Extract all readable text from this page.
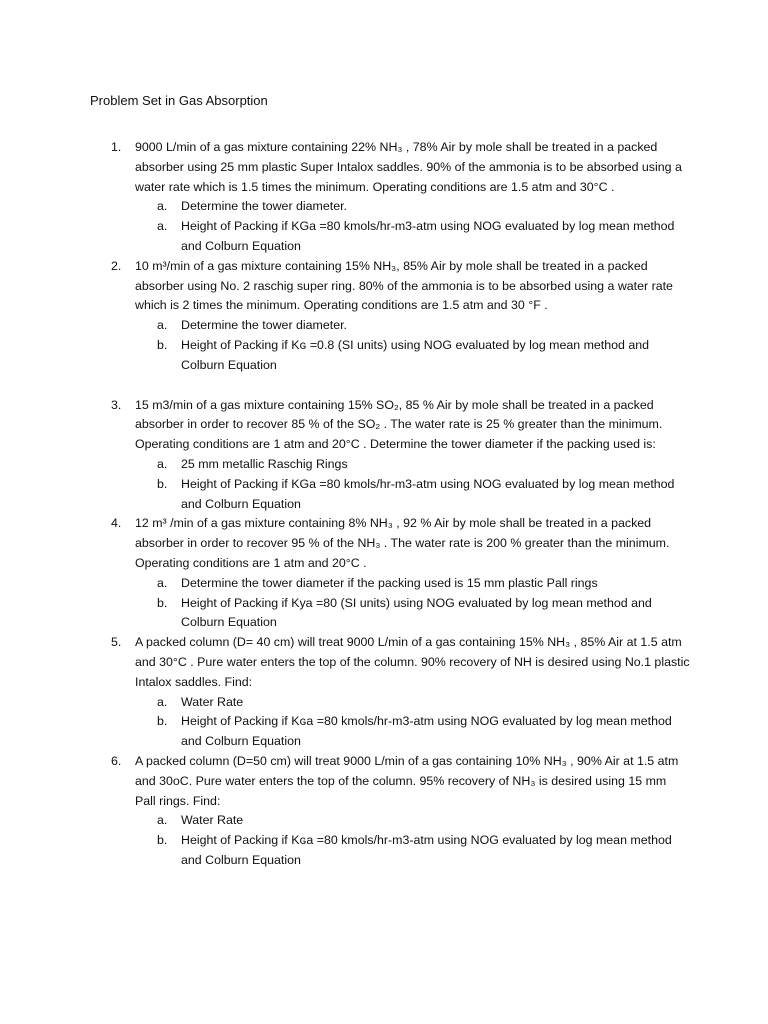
Problem Set in Gas Absorption
1. 9000 L/min of a gas mixture containing 22% NH₃ , 78% Air by mole shall be treated in a packed absorber using 25 mm plastic Super Intalox saddles. 90% of the ammonia is to be absorbed using a water rate which is 1.5 times the minimum. Operating conditions are 1.5 atm and 30°C .
a. Determine the tower diameter.
a. Height of Packing if KGa =80 kmols/hr-m3-atm using NOG evaluated by log mean method and Colburn Equation
2. 10 m³/min of a gas mixture containing 15% NH₃, 85% Air by mole shall be treated in a packed absorber using No. 2 raschig super ring. 80% of the ammonia is to be absorbed using a water rate which is 2 times the minimum. Operating conditions are 1.5 atm and 30 °F .
a. Determine the tower diameter.
b. Height of Packing if Kɢ =0.8 (SI units) using NOG evaluated by log mean method and Colburn Equation
3. 15 m3/min of a gas mixture containing 15% SO₂, 85 % Air by mole shall be treated in a packed absorber in order to recover 85 % of the SO₂ . The water rate is 25 % greater than the minimum. Operating conditions are 1 atm and 20°C . Determine the tower diameter if the packing used is:
a. 25 mm metallic Raschig Rings
b. Height of Packing if KGa =80 kmols/hr-m3-atm using NOG evaluated by log mean method and Colburn Equation
4. 12 m³ /min of a gas mixture containing 8% NH₃ , 92 % Air by mole shall be treated in a packed absorber in order to recover 95 % of the NH₃ . The water rate is 200 % greater than the minimum. Operating conditions are 1 atm and 20°C .
a. Determine the tower diameter if the packing used is 15 mm plastic Pall rings
b. Height of Packing if Kya =80 (SI units) using NOG evaluated by log mean method and Colburn Equation
5. A packed column (D= 40 cm) will treat 9000 L/min of a gas containing 15% NH₃ , 85% Air at 1.5 atm and 30°C . Pure water enters the top of the column. 90% recovery of NH is desired using No.1 plastic Intalox saddles. Find:
a. Water Rate
b. Height of Packing if Kɢa =80 kmols/hr-m3-atm using NOG evaluated by log mean method and Colburn Equation
6. A packed column (D=50 cm) will treat 9000 L/min of a gas containing 10% NH₃ , 90% Air at 1.5 atm and 30oC. Pure water enters the top of the column. 95% recovery of NH₃ is desired using 15 mm Pall rings. Find:
a. Water Rate
b. Height of Packing if Kɢa =80 kmols/hr-m3-atm using NOG evaluated by log mean method and Colburn Equation
